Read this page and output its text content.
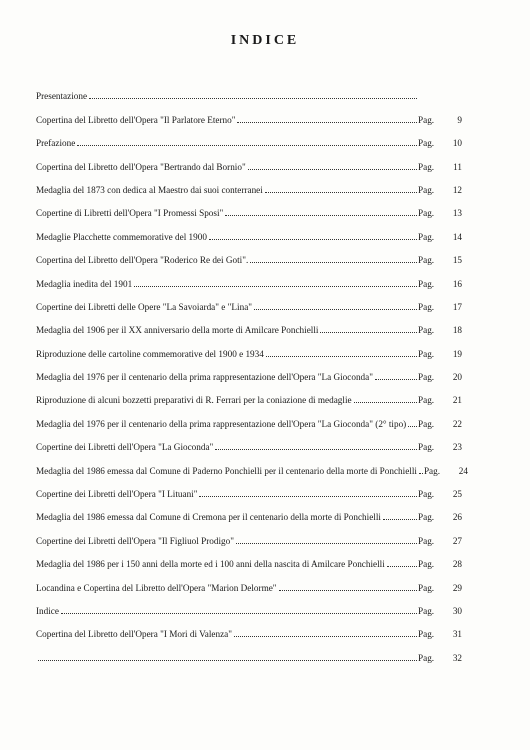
INDICE
Presentazione
Copertina del Libretto dell'Opera "Il Parlatore Eterno"	Pag.	9
Prefazione	Pag.	10
Copertina del Libretto dell'Opera "Bertrando dal Bornio"	Pag.	11
Medaglia del 1873 con dedica al Maestro dai suoi conterranei	Pag.	12
Copertine di Libretti dell'Opera "I Promessi Sposi"	Pag.	13
Medaglie Placchette commemorative del 1900	Pag.	14
Copertina del Libretto dell'Opera "Roderico Re dei Goti".	Pag.	15
Medaglia inedita del 1901	Pag.	16
Copertine dei Libretti delle Opere "La Savoiarda" e "Lina"	Pag.	17
Medaglia del 1906 per il XX anniversario della morte di Amilcare Ponchielli	Pag.	18
Riproduzione delle cartoline commemorative del 1900 e 1934	Pag.	19
Medaglia del 1976 per il centenario della prima rappresentazione dell'Opera "La Gioconda"	Pag.	20
Riproduzione di alcuni bozzetti preparativi di R. Ferrari per la coniazione di medaglie	Pag.	21
Medaglia del 1976 per il centenario della prima rappresentazione dell'Opera "La Gioconda" (2° tipo) Pag.	22
Copertine dei Libretti dell'Opera "La Gioconda"	Pag.	23
Medaglia del 1986 emessa dal Comune di Paderno Ponchielli per il centenario della morte di Ponchielli Pag.	24
Copertine dei Libretti dell'Opera "I Lituani"	Pag.	25
Medaglia del 1986 emessa dal Comune di Cremona per il centenario della morte di Ponchielli	Pag.	26
Copertine dei Libretti dell'Opera "Il Figliuol Prodigo"	Pag.	27
Medaglia del 1986 per i 150 anni della morte ed i 100 anni della nascita di Amilcare Ponchielli	Pag.	28
Locandina e Copertina del Libretto dell'Opera "Marion Delorme"	Pag.	29
Indice	Pag.	30
Copertina del Libretto dell'Opera "I Mori di Valenza"	Pag.	31
Pag.	32
